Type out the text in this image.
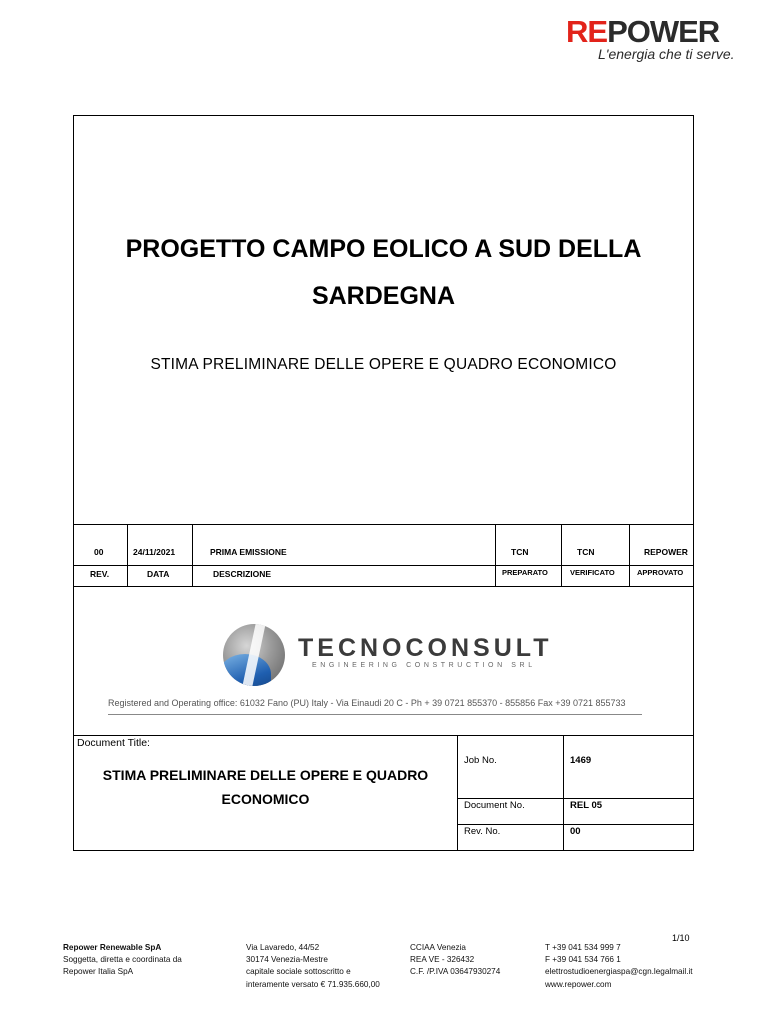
REPOWER
L'energia che ti serve.
PROGETTO CAMPO EOLICO A SUD DELLA
SARDEGNA
STIMA PRELIMINARE DELLE OPERE E QUADRO ECONOMICO
00	24/11/2021	PRIMA EMISSIONE	TCN	TCN	REPOWER
REV.	DATA	DESCRIZIONE	PREPARATO	VERIFICATO	APPROVATO
TECNOCONSULT
ENGINEERING CONSTRUCTION SRL
Registered and Operating office: 61032 Fano (PU) Italy - Via Einaudi 20 C - Ph + 39 0721 855370 - 855856 Fax +39 0721 855733
Document Title:
STIMA PRELIMINARE DELLE OPERE E QUADRO
ECONOMICO
Job No.	1469
Document No.	REL 05
Rev. No.	00
1/10
Repower Renewable SpA
Soggetta, diretta e coordinata da
Repower Italia SpA
Via Lavaredo, 44/52
30174 Venezia-Mestre
capitale sociale sottoscritto e
interamente versato € 71.935.660,00
CCIAA Venezia
REA VE - 326432
C.F. /P.IVA 03647930274
T +39 041 534 999 7
F +39 041 534 766 1
elettrostudioenergiaspa@cgn.legalmail.it
www.repower.com
